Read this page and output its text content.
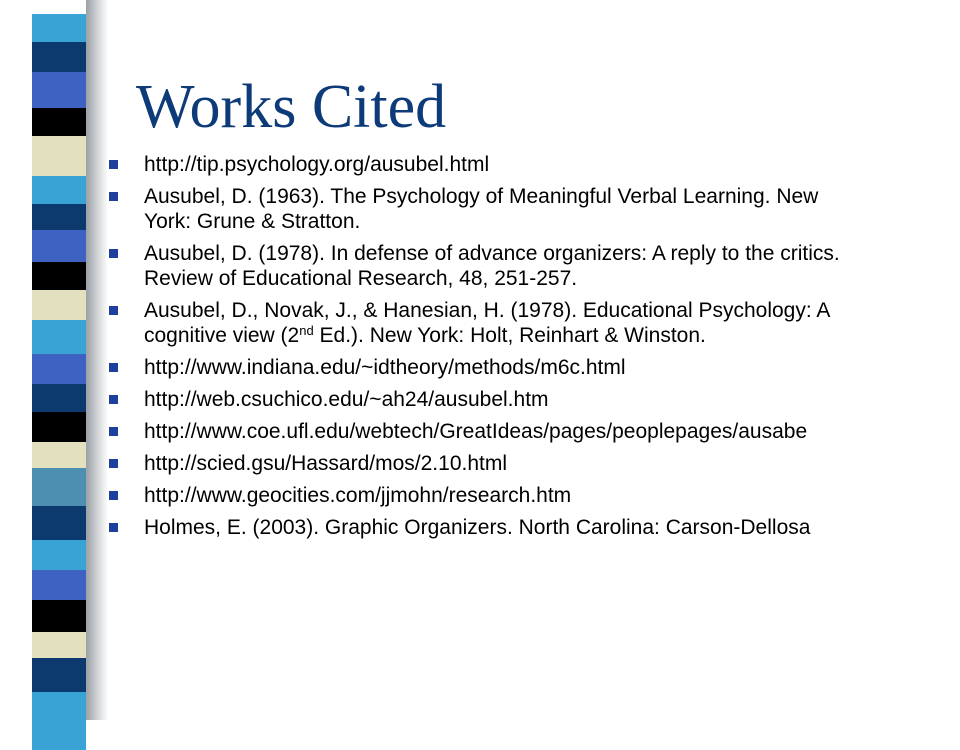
Works Cited
http://tip.psychology.org/ausubel.html
Ausubel, D. (1963). The Psychology of Meaningful Verbal Learning. New York: Grune & Stratton.
Ausubel, D. (1978). In defense of advance organizers: A reply to the critics. Review of Educational Research, 48, 251-257.
Ausubel, D., Novak, J., & Hanesian, H. (1978). Educational Psychology: A cognitive view (2nd Ed.). New York: Holt, Reinhart & Winston.
http://www.indiana.edu/~idtheory/methods/m6c.html
http://web.csuchico.edu/~ah24/ausubel.htm
http://www.coe.ufl.edu/webtech/GreatIdeas/pages/peoplepages/ausabe
http://scied.gsu/Hassard/mos/2.10.html
http://www.geocities.com/jjmohn/research.htm
Holmes, E. (2003). Graphic Organizers. North Carolina: Carson-Dellosa
